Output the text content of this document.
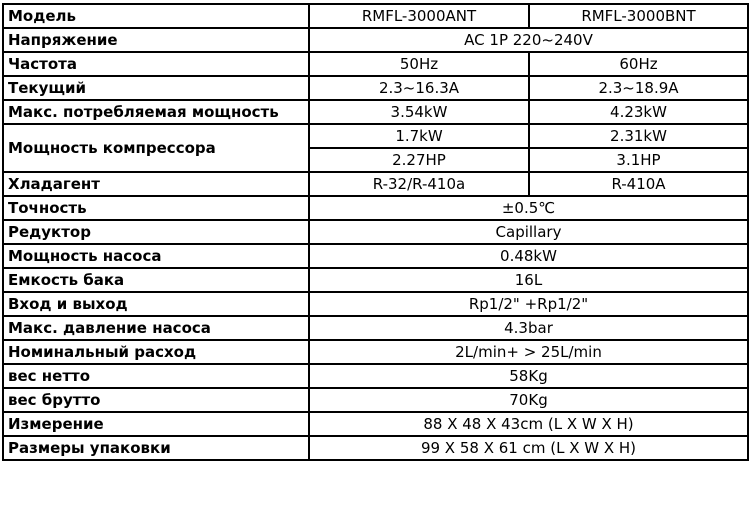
Модель	RMFL-3000ANT	RMFL-3000BNT
Напряжение	AC 1P 220~240V	
Частота	50Hz	60Hz
Текущий	2.3~16.3A	2.3~18.9A
Макс. потребляемая мощность	3.54kW	4.23kW
Мощность компрессора	1.7kW	2.31kW
	2.27HP	3.1HP
Хладагент	R-32/R-410a	R-410A
Точность	±0.5℃	
Редуктор	Capillary	
Мощность насоса	0.48kW	
Емкость бака	16L	
Вход и выход	Rp1/2" +Rp1/2"	
Макс. давление насоса	4.3bar	
Номинальный расход	2L/min+ > 25L/min	
вес нетто	58Kg	
вес брутто	70Kg	
Измерение	88 X 48 X 43cm (L X W X H)	
Размеры упаковки	99 X 58 X 61 cm (L X W X H)	
